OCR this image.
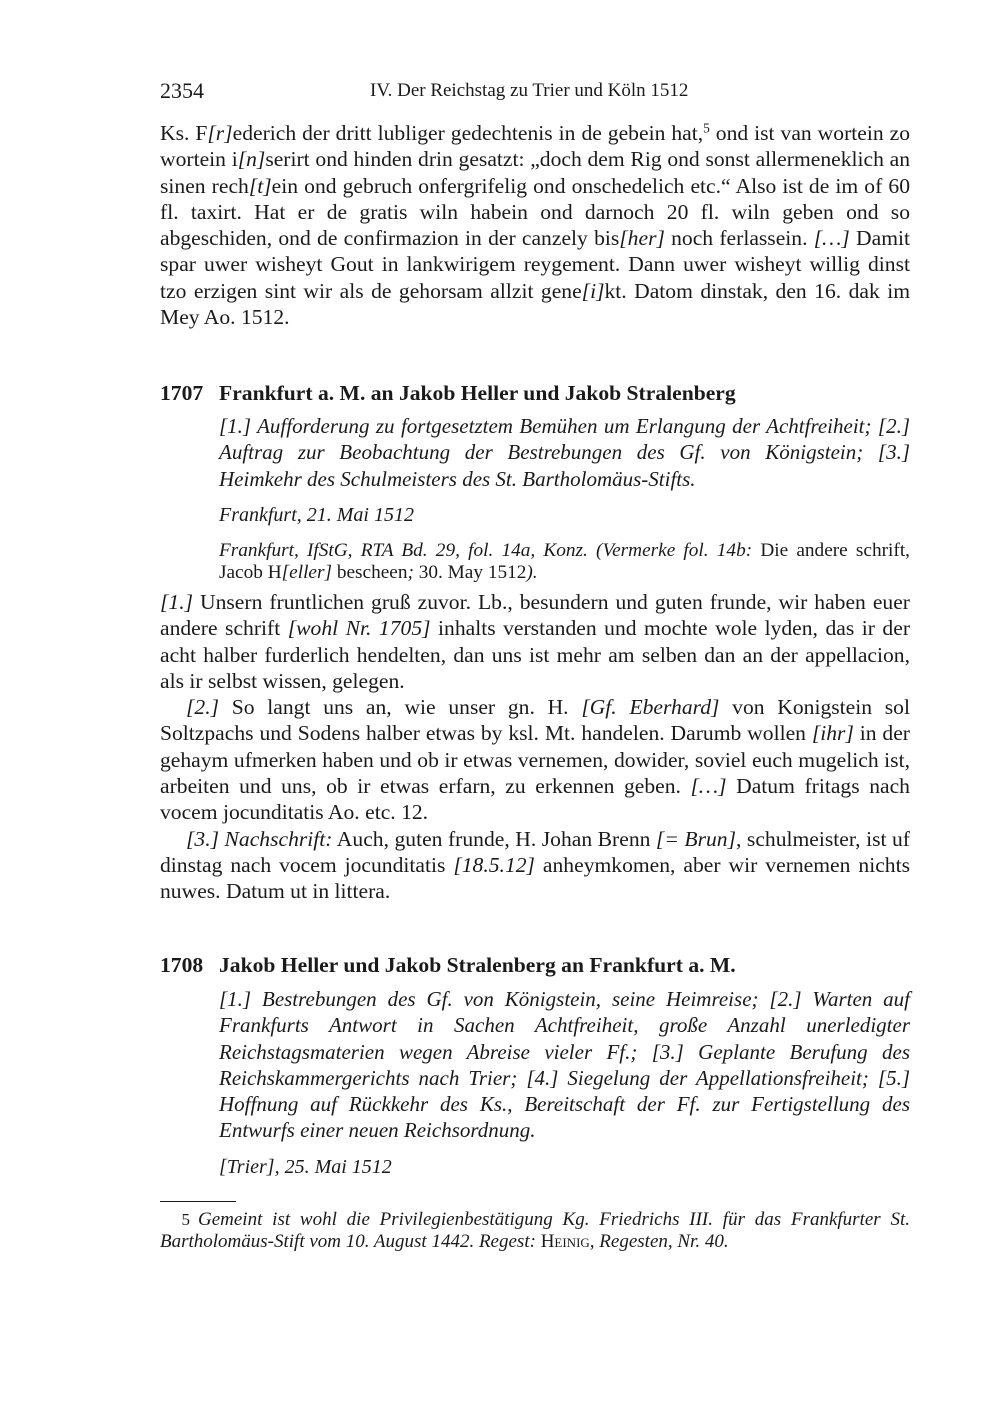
2354	IV. Der Reichstag zu Trier und Köln 1512

Ks. F[r]ederich der dritt lubliger gedechtenis in de gebein hat,$^5$ ond ist van wortein zo wortein i[n]serirt ond hinden drin gesatzt: „doch dem Rig ond sonst allermeneklich an sinen rech[t]ein ond gebruch onfergrifelig ond onschedelich etc.“ Also ist de im of 60 fl. taxirt. Hat er de gratis wiln habein ond darnoch 20 fl. wiln geben ond so abgeschiden, ond de confirmazion in der canzely bis[her] noch ferlassein. […] Damit spar uwer wisheyt Gout in lankwirigem reygement. Dann uwer wisheyt willig dinst tzo erzigen sint wir als de gehorsam allzit gene[i]kt. Datom dinstak, den 16. dak im Mey Ao. 1512.

1707 Frankfurt a. M. an Jakob Heller und Jakob Stralenberg

[1.] Aufforderung zu fortgesetztem Bemühen um Erlangung der Achtfreiheit; [2.] Auftrag zur Beobachtung der Bestrebungen des Gf. von Königstein; [3.] Heimkehr des Schulmeisters des St. Bartholomäus-Stifts.

Frankfurt, 21. Mai 1512

Frankfurt, IfStG, RTA Bd. 29, fol. 14a, Konz. (Vermerke fol. 14b: Die andere schrift, Jacob H[eller] bescheen; 30. May 1512).

[1.] Unsern fruntlichen gruß zuvor. Lb., besundern und guten frunde, wir haben euer andere schrift [wohl Nr. 1705] inhalts verstanden und mochte wole lyden, das ir der acht halber furderlich hendelten, dan uns ist mehr am selben dan an der appellacion, als ir selbst wissen, gelegen.

[2.] So langt uns an, wie unser gn. H. [Gf. Eberhard] von Konigstein sol Soltzpachs und Sodens halber etwas by ksl. Mt. handelen. Darumb wollen [ihr] in der gehaym ufmerken haben und ob ir etwas vernemen, dowider, soviel euch mugelich ist, arbeiten und uns, ob ir etwas erfarn, zu erkennen geben. […] Datum fritags nach vocem jocunditatis Ao. etc. 12.

[3.] Nachschrift: Auch, guten frunde, H. Johan Brenn [= Brun], schulmeister, ist uf dinstag nach vocem jocunditatis [18.5.12] anheymkomen, aber wir vernemen nichts nuwes. Datum ut in littera.

1708 Jakob Heller und Jakob Stralenberg an Frankfurt a. M.

[1.] Bestrebungen des Gf. von Königstein, seine Heimreise; [2.] Warten auf Frankfurts Antwort in Sachen Achtfreiheit, große Anzahl unerledigter Reichstagsmaterien wegen Abreise vieler Ff.; [3.] Geplante Berufung des Reichskammergerichts nach Trier; [4.] Siegelung der Appellationsfreiheit; [5.] Hoffnung auf Rückkehr des Ks., Bereitschaft der Ff. zur Fertigstellung des Entwurfs einer neuen Reichsordnung.

[Trier], 25. Mai 1512

5 Gemeint ist wohl die Privilegienbestätigung Kg. Friedrichs III. für das Frankfurter St. Bartholomäus-Stift vom 10. August 1442. Regest: Heinig, Regesten, Nr. 40.
